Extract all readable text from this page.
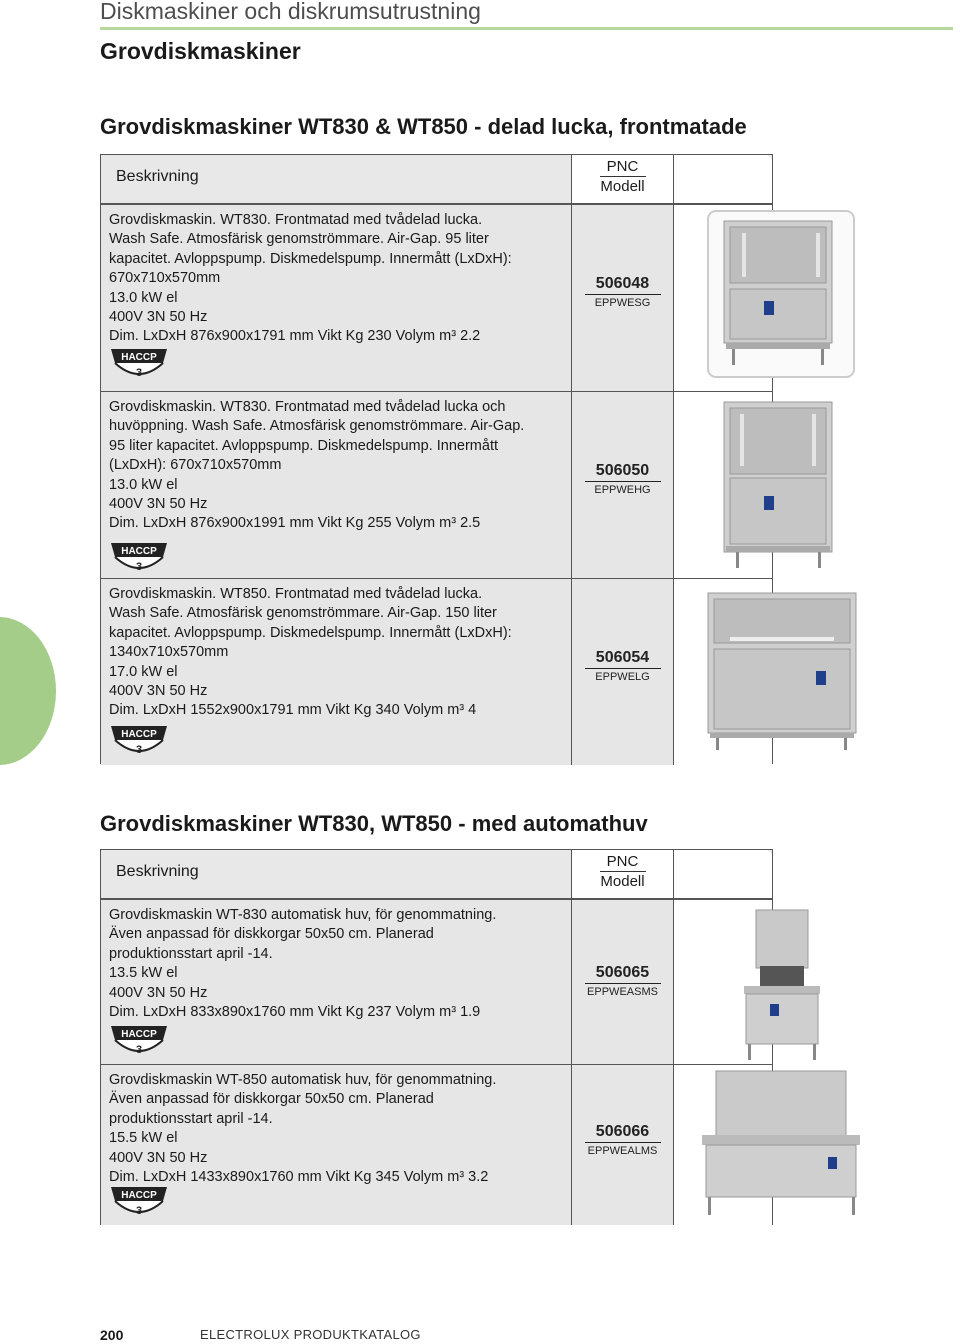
Diskmaskiner och diskrumsutrustning
Grovdiskmaskiner
Grovdiskmaskiner WT830 & WT850 - delad lucka, frontmatade
Beskrivning
PNC
Modell

Grovdiskmaskin. WT830. Frontmatad med tvådelad lucka.
Wash Safe. Atmosfärisk genomströmmare. Air-Gap. 95 liter
kapacitet. Avloppspump. Diskmedelspump. Innermått (LxDxH):
670x710x570mm
13.0 kW el
400V 3N 50 Hz
Dim. LxDxH 876x900x1791 mm Vikt Kg 230 Volym m³ 2.2

HACCP
3
506048
EPPWESG

Grovdiskmaskin. WT830. Frontmatad med tvådelad lucka och
huvöppning. Wash Safe. Atmosfärisk genomströmmare. Air-Gap.
95 liter kapacitet. Avloppspump. Diskmedelspump. Innermått
(LxDxH): 670x710x570mm
13.0 kW el
400V 3N 50 Hz
Dim. LxDxH 876x900x1991 mm Vikt Kg 255 Volym m³ 2.5

HACCP
3
506050
EPPWEHG

Grovdiskmaskin. WT850. Frontmatad med tvådelad lucka.
Wash Safe. Atmosfärisk genomströmmare. Air-Gap. 150 liter
kapacitet. Avloppspump. Diskmedelspump. Innermått (LxDxH):
1340x710x570mm
17.0 kW el
400V 3N 50 Hz
Dim. LxDxH 1552x900x1791 mm Vikt Kg 340 Volym m³ 4

HACCP
3
506054
EPPWELG
Grovdiskmaskiner WT830, WT850 - med automathuv
Beskrivning
PNC
Modell

Grovdiskmaskin WT-830 automatisk huv, för genommatning.
Även anpassad för diskkorgar 50x50 cm. Planerad
produktionsstart april -14.
13.5 kW el
400V 3N 50 Hz
Dim. LxDxH 833x890x1760 mm Vikt Kg 237 Volym m³ 1.9

HACCP
3
506065
EPPWEASMS

Grovdiskmaskin WT-850 automatisk huv, för genommatning.
Även anpassad för diskkorgar 50x50 cm. Planerad
produktionsstart april -14.
15.5 kW el
400V 3N 50 Hz
Dim. LxDxH 1433x890x1760 mm Vikt Kg 345 Volym m³ 3.2

HACCP
3
506066
EPPWEALMS
200	ELECTROLUX PRODUKTKATALOG
